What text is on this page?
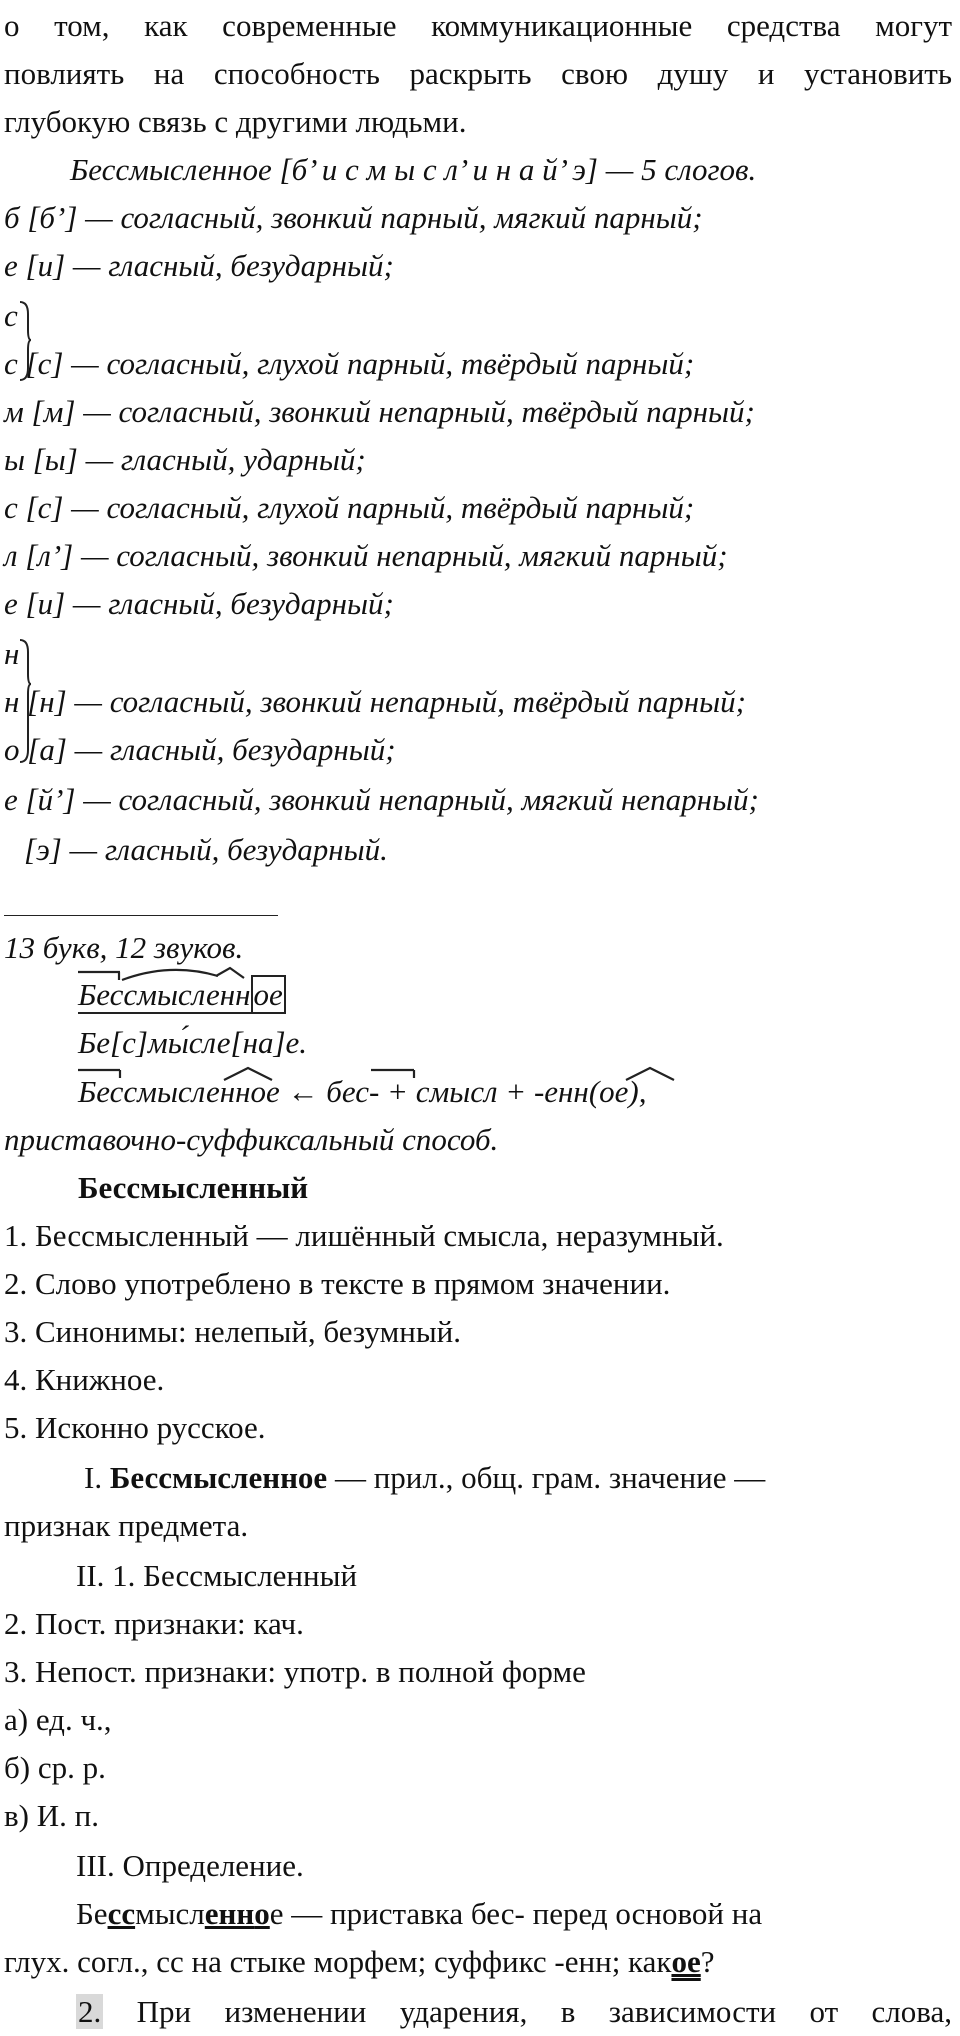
о том, как современные коммуникационные средства могут
повлиять на способность раскрыть свою душу и установить
глубокую связь с другими людьми.
Бессмысленное [б’ и с м ы с л’ и н а й’ э] — 5 слогов.
б [б’] — согласный, звонкий парный, мягкий парный;
е [и] — гласный, безударный;
с
с [с] — согласный, глухой парный, твёрдый парный;
м [м] — согласный, звонкий непарный, твёрдый парный;
ы [ы] — гласный, ударный;
с [с] — согласный, глухой парный, твёрдый парный;
л [л’] — согласный, звонкий непарный, мягкий парный;
е [и] — гласный, безударный;
н
н [н] — согласный, звонкий непарный, твёрдый парный;
о [а] — гласный, безударный;
е [й’] — согласный, звонкий непарный, мягкий непарный;
[э] — гласный, безударный.
13 букв, 12 звуков.
Бессмысленное
Бе[с]мы́сле[на]е.
Бессмысленное ← бес- + смысл + -енн(ое),
приставочно-суффиксальный способ.
Бессмысленный
1. Бессмысленный — лишённый смысла, неразумный.
2. Слово употреблено в тексте в прямом значении.
3. Синонимы: нелепый, безумный.
4. Книжное.
5. Исконно русское.
I. Бессмысленное — прил., общ. грам. значение —
признак предмета.
II. 1. Бессмысленный
2. Пост. признаки: кач.
3. Непост. признаки: употр. в полной форме
а) ед. ч.,
б) ср. р.
в) И. п.
III. Определение.
Бессмысленное — приставка бес- перед основой на
глух. согл., сс на стыке морфем; суффикс -енн; какое?
2. При изменении ударения, в зависимости от слова,
